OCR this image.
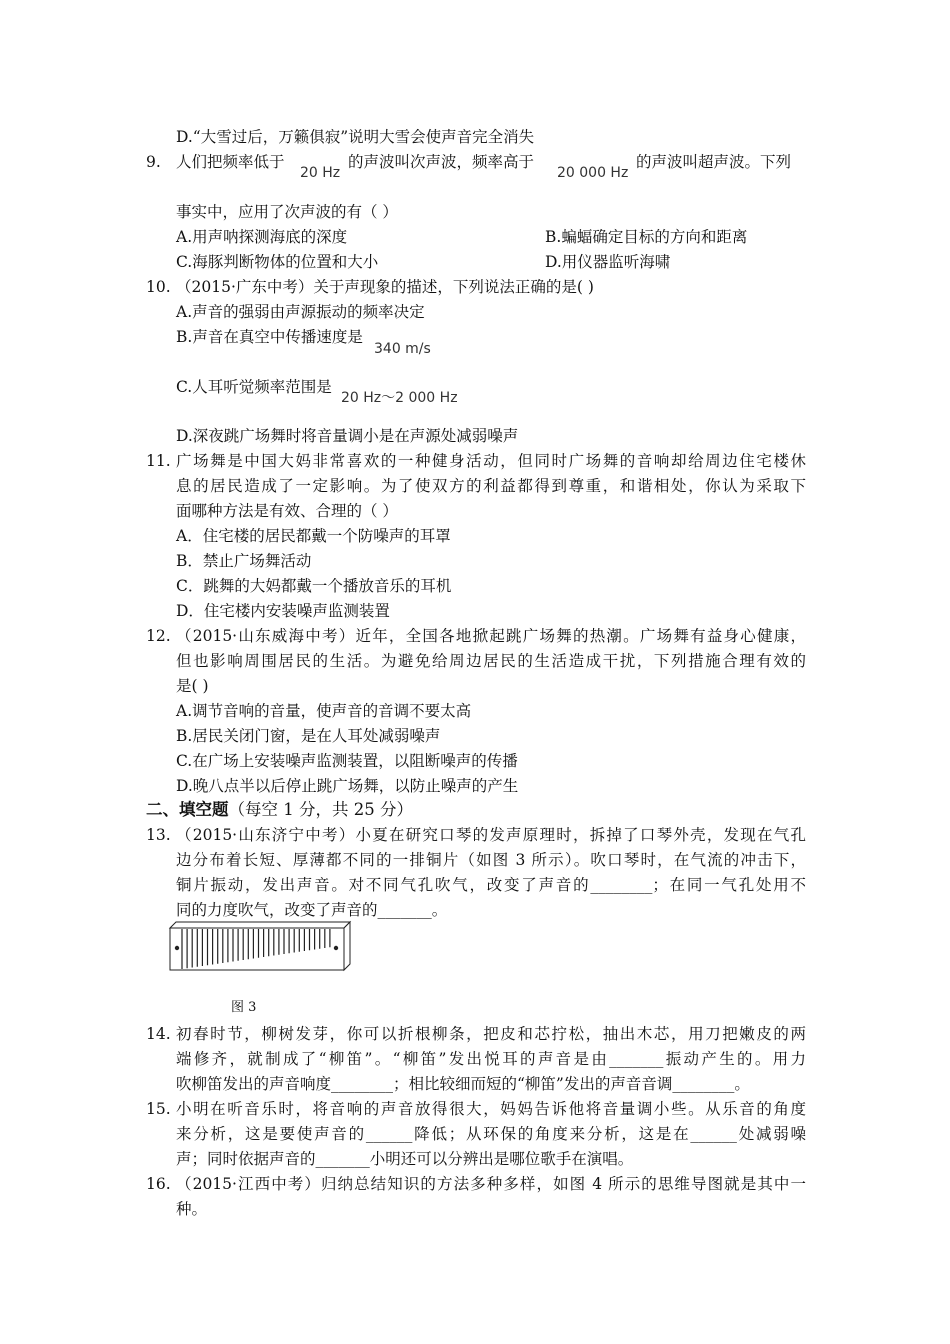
D.“大雪过后，万籁俱寂”说明大雪会使声音完全消失
9. 人们把频率低于
20 Hz
的声波叫次声波，频率高于
20 000 Hz
的声波叫超声波。下列
事实中，应用了次声波的有（ ）
A.用声呐探测海底的深度	B.蝙蝠确定目标的方向和距离
C.海豚判断物体的位置和大小	D.用仪器监听海啸
10. （2015·广东中考）关于声现象的描述，下列说法正确的是( )
A.声音的强弱由声源振动的频率决定
B.声音在真空中传播速度是
340 m/s
C.人耳听觉频率范围是
20 Hz～2 000 Hz
D.深夜跳广场舞时将音量调小是在声源处减弱噪声
11. 广场舞是中国大妈非常喜欢的一种健身活动，但同时广场舞的音响却给周边住宅楼休
息的居民造成了一定影响。为了使双方的利益都得到尊重，和谐相处，你认为采取下
面哪种方法是有效、合理的（ ）
A．住宅楼的居民都戴一个防噪声的耳罩
B．禁止广场舞活动
C．跳舞的大妈都戴一个播放音乐的耳机
D．住宅楼内安装噪声监测装置
12. （2015·山东威海中考）近年，全国各地掀起跳广场舞的热潮。广场舞有益身心健康，
但也影响周围居民的生活。为避免给周边居民的生活造成干扰，下列措施合理有效的
是( )
A.调节音响的音量，使声音的音调不要太高
B.居民关闭门窗，是在人耳处减弱噪声
C.在广场上安装噪声监测装置，以阻断噪声的传播
D.晚八点半以后停止跳广场舞，以防止噪声的产生
二、填空题（每空 1 分，共 25 分）
13. （2015·山东济宁中考）小夏在研究口琴的发声原理时，拆掉了口琴外壳，发现在气孔
边分布着长短、厚薄都不同的一排铜片（如图 3 所示）。吹口琴时，在气流的冲击下，
铜片振动，发出声音。对不同气孔吹气，改变了声音的________；在同一气孔处用不
同的力度吹气，改变了声音的_______。
图 3
14. 初春时节，柳树发芽，你可以折根柳条，把皮和芯拧松，抽出木芯，用刀把嫩皮的两
端修齐，就制成了“柳笛”。“柳笛”发出悦耳的声音是由_______振动产生的。用力
吹柳笛发出的声音响度________；相比较细而短的“柳笛”发出的声音音调________。
15. 小明在听音乐时，将音响的声音放得很大，妈妈告诉他将音量调小些。从乐音的角度
来分析，这是要使声音的______降低；从环保的角度来分析，这是在______处减弱噪
声；同时依据声音的_______小明还可以分辨出是哪位歌手在演唱。
16. （2015·江西中考）归纳总结知识的方法多种多样，如图 4 所示的思维导图就是其中一
种。
